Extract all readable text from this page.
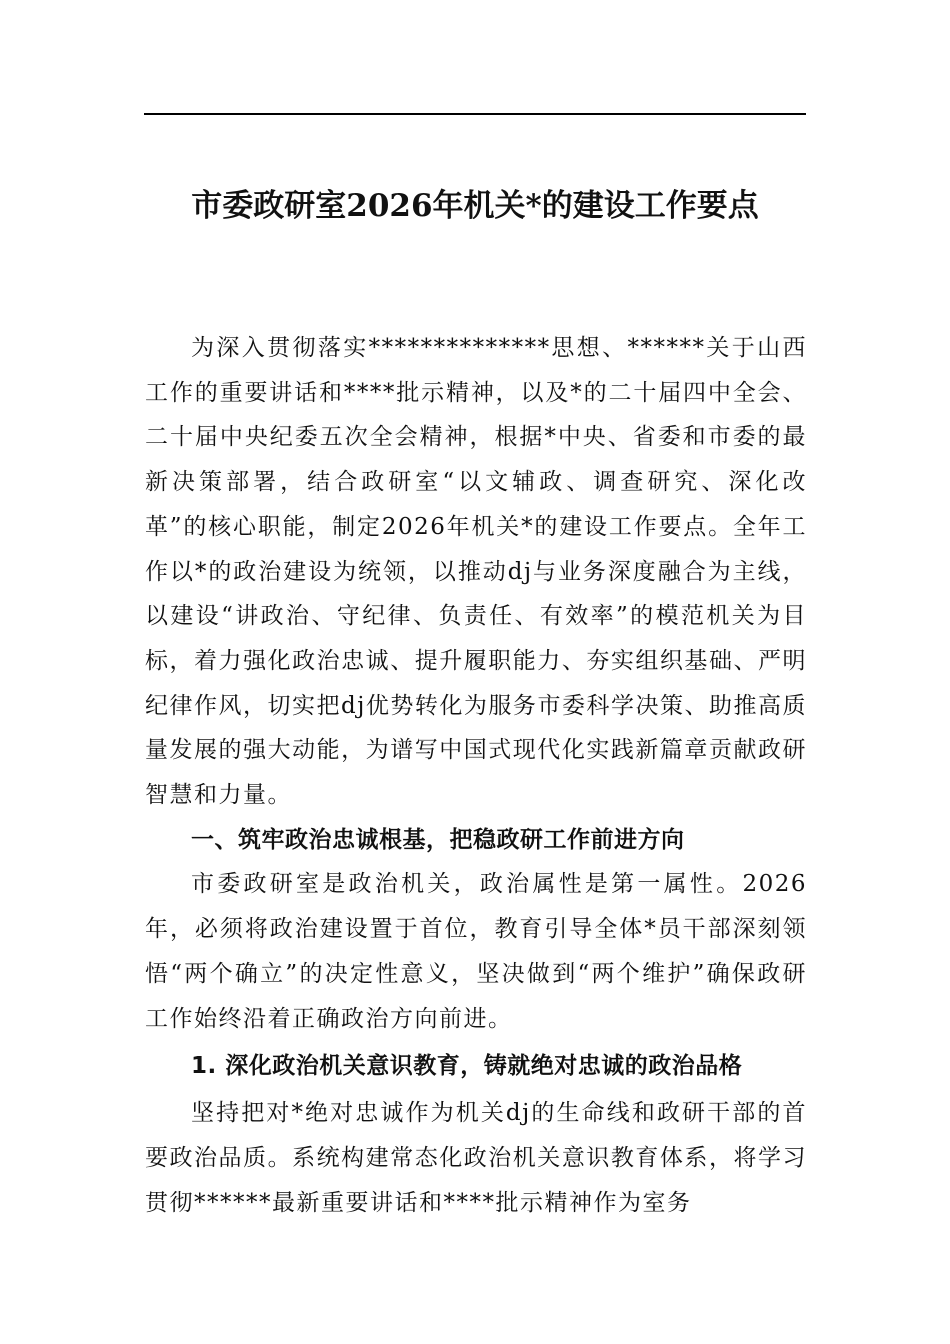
市委政研室2026年机关*的建设工作要点

为深入贯彻落实**************思想、******关于山西工作的重要讲话和****批示精神，以及*的二十届四中全会、二十届中央纪委五次全会精神，根据*中央、省委和市委的最新决策部署，结合政研室“以文辅政、调查研究、深化改革”的核心职能，制定2026年机关*的建设工作要点。全年工作以*的政治建设为统领，以推动dj与业务深度融合为主线，以建设“讲政治、守纪律、负责任、有效率”的模范机关为目标，着力强化政治忠诚、提升履职能力、夯实组织基础、严明纪律作风，切实把dj优势转化为服务市委科学决策、助推高质量发展的强大动能，为谱写中国式现代化实践新篇章贡献政研智慧和力量。

一、筑牢政治忠诚根基，把稳政研工作前进方向

市委政研室是政治机关，政治属性是第一属性。2026年，必须将政治建设置于首位，教育引导全体*员干部深刻领悟“两个确立”的决定性意义，坚决做到“两个维护”确保政研工作始终沿着正确政治方向前进。

1. 深化政治机关意识教育，铸就绝对忠诚的政治品格

坚持把对*绝对忠诚作为机关dj的生命线和政研干部的首要政治品质。系统构建常态化政治机关意识教育体系，将学习贯彻******最新重要讲话和****批示精神作为室务
